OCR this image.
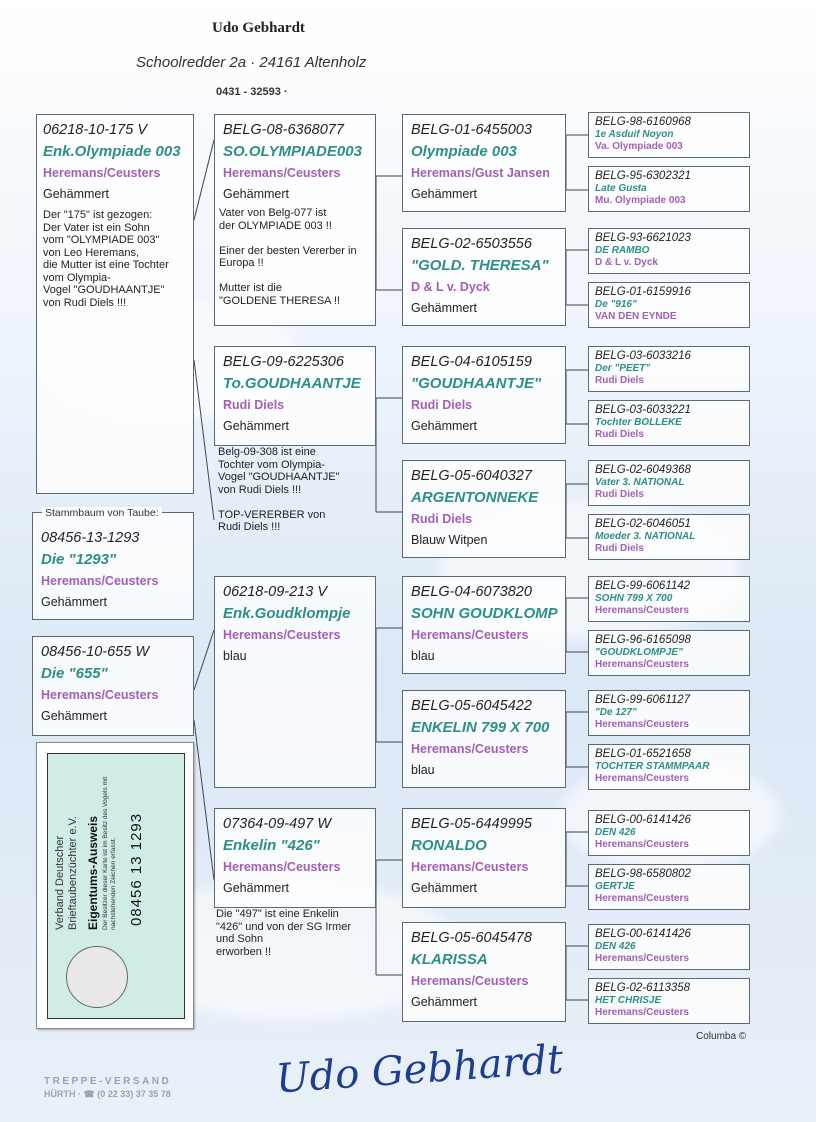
Udo Gebhardt
Schoolredder 2a · 24161 Altenholz
0431 - 32593 ·
06218-10-175 V
Enk.Olympiade 003
Heremans/Ceusters
Gehämmert
Der "175" ist gezogen:
Der Vater ist ein Sohn
vom "OLYMPIADE 003"
von Leo Heremans,
die Mutter ist eine Tochter
vom Olympia-
Vogel "GOUDHAANTJE"
von Rudi Diels !!!
08456-13-1293
Die "1293"
Heremans/Ceusters
Gehämmert
Stammbaum von Taube:
08456-10-655 W
Die "655"
Heremans/Ceusters
Gehämmert
BELG-08-6368077
SO.OLYMPIADE003
Heremans/Ceusters
Gehämmert
Vater von Belg-077 ist
der OLYMPIADE 003 !!

Einer der besten Vererber in
Europa !!

Mutter ist die
"GOLDENE THERESA !!
BELG-09-6225306
To.GOUDHAANTJE
Rudi Diels
Gehämmert
Belg-09-308 ist eine
Tochter vom Olympia-
Vogel "GOUDHAANTJE"
von Rudi Diels !!!

TOP-VERERBER von
Rudi Diels !!!
06218-09-213 V
Enk.Goudklompje
Heremans/Ceusters
blau
07364-09-497 W
Enkelin "426"
Heremans/Ceusters
Gehämmert
Die "497" ist eine Enkelin
"426" und von der SG Irmer
und Sohn
erworben !!
BELG-01-6455003
Olympiade 003
Heremans/Gust Jansen
Gehämmert
BELG-02-6503556
"GOLD. THERESA"
D & L v. Dyck
Gehämmert
BELG-04-6105159
"GOUDHAANTJE"
Rudi Diels
Gehämmert
BELG-05-6040327
ARGENTONNEKE
Rudi Diels
Blauw Witpen
BELG-04-6073820
SOHN GOUDKLOMP
Heremans/Ceusters
blau
BELG-05-6045422
ENKELIN 799 X 700
Heremans/Ceusters
blau
BELG-05-6449995
RONALDO
Heremans/Ceusters
Gehämmert
BELG-05-6045478
KLARISSA
Heremans/Ceusters
Gehämmert
BELG-98-6160968
1e Asduif Noyon
Va. Olympiade 003
BELG-95-6302321
Late Gusta
Mu. Olympiade 003
BELG-93-6621023
DE RAMBO
D & L v. Dyck
BELG-01-6159916
De "916"
VAN DEN EYNDE
BELG-03-6033216
Der "PEET"
Rudi Diels
BELG-03-6033221
Tochter BOLLEKE
Rudi Diels
BELG-02-6049368
Vater 3. NATIONAL
Rudi Diels
BELG-02-6046051
Moeder 3. NATIONAL
Rudi Diels
BELG-99-6061142
SOHN 799 X 700
Heremans/Ceusters
BELG-96-6165098
"GOUDKLOMPJE"
Heremans/Ceusters
BELG-99-6061127
"De 127"
Heremans/Ceusters
BELG-01-6521658
TOCHTER STAMMPAAR
Heremans/Ceusters
BELG-00-6141426
DEN 426
Heremans/Ceusters
BELG-98-6580802
GERTJE
Heremans/Ceusters
BELG-00-6141426
DEN 426
Heremans/Ceusters
BELG-02-6113358
HET CHRISJE
Heremans/Ceusters
Verband Deutscher Brieftaubenzüchter e.V. Eigentums-Ausweis Der Besitzer dieser Karte ist im Besitz des Vogels mit nachstehenden Zeichen erfasst. 08456 13 1293
Columba ©
Udo Gebhardt
TREPPE-VERSAND
HÜRTH · ☎ (0 22 33) 37 35 78
